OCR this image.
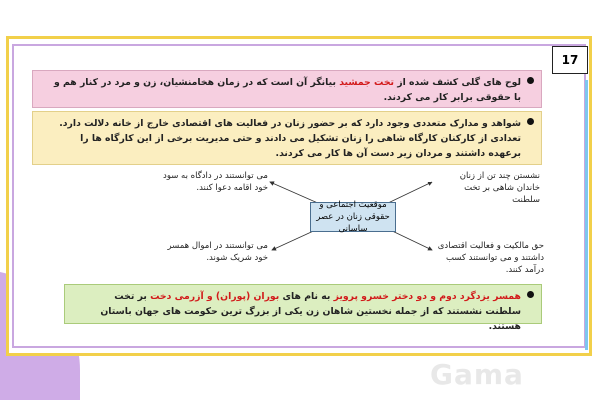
17
لوح های گلی کشف شده از تخت جمشید بیانگر آن است که در زمان هخامنشیان، زن و مرد در کنار هم و با حقوقی برابر کار می کردند.
شواهد و مدارک متعددی وجود دارد که بر حضور زنان در فعالیت های اقتصادی خارج از خانه دلالت دارد. تعدادی از کارکنان کارگاه شاهی را زنان تشکیل می دادند و حتی مدیریت برخی از این کارگاه ها را برعهده داشتند و مردان زیر دست آن ها کار می کردند.
موقعیت اجتماعی و حقوقی زنان در عصر ساسانی
می توانستند در دادگاه به سود خود اقامه دعوا کنند.
می توانستند در اموال همسر خود شریک شوند.
نشستن چند تن از زنان خاندان شاهی بر تخت سلطنت
حق مالکیت و فعالیت اقتصادی داشتند و می توانستند کسب درآمد کنند.
همسر یزدگرد دوم و دو دختر خسرو پرویز به نام های بوران (پوران) و آزرمی دخت بر تخت سلطنت نشستند که از جمله نخستین شاهان زن یکی از بزرگ ترین حکومت های جهان باستان هستند.
Gama
